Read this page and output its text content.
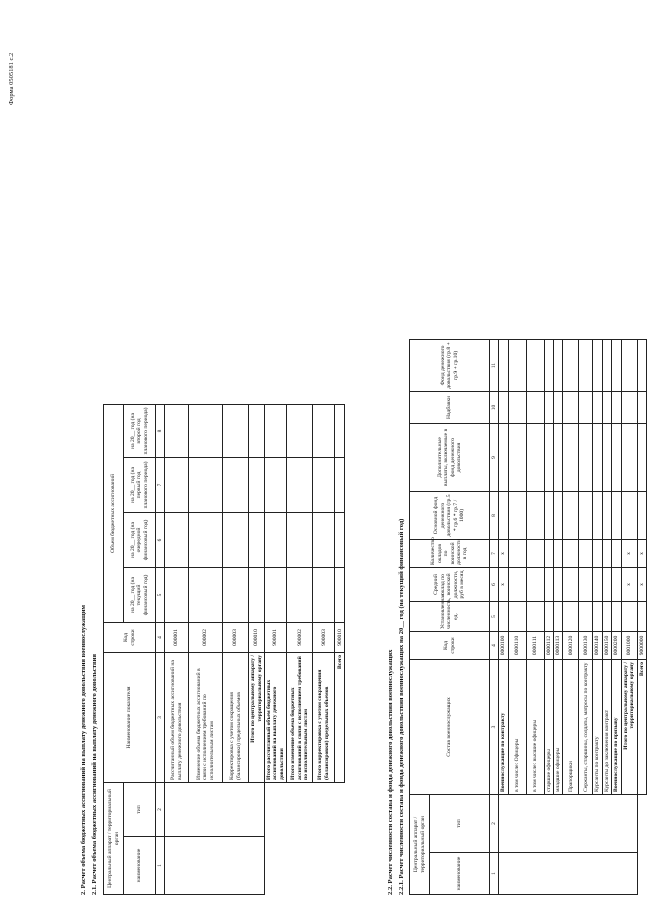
Форма 0505181 с.2
2. Расчет объема бюджетных ассигнований на выплату денежного довольствия военнослужащим 2.1. Расчет объема бюджетных ассигнований на выплату денежного довольствия Центральный аппарат / территориальный орган		Наименование показателя	Код строки	Объем бюджетных ассигнований			
наименование	тип			на 20__ год (на текущий финансовый год)	на 20__ год (на очередной финансовый год)	на 20__ год (на первый год планового периода)	на 20__ год (на второй год планового периода)

1	2	3	4	5	6	7	8
		Рассчитанный объем бюджетных ассигнований на выплату денежного довольствия	000001				
		Изменение объема бюджетных ассигнований в связи с исполнением требований по исполнительным листам	000002				
		Корректировка с учетом сокращения (балансировки) предельных объемов	000003				
		Итого по центральному аппарату / территориальному органу	000010				
		Итого рассчитанный объем бюджетных ассигнований на выплату денежного довольствия	900001				
		Итого изменение объема бюджетных ассигнований в связи с исполнением требований по исполнительным листам	900002				
		Итого корректировка с учетом сокращения (балансировки) предельных объемов	900003				
		Всего	900010				
2.2. Расчет численности состава и фонда денежного довольствия военнослужащих 2.2.1. Расчет численности состава и фонда денежного довольствия военнослужащих на 20__ год (на текущий финансовый год) Центральный аппарат / территориальный орган		Состав военнослужащих	Код строки	Установленная численность, ед.	Средний оклад по воинской должности, руб в месяц	Количество окладов по воинской должности в год	Основной фонд денежного довольствия (гр.5 * гр.6 * гр.7 / 1000)	Дополнительные выплаты, включаемые в фонд денежного довольствия	Надбавки	Фонд денежного довольствия (гр.8 + гр.9 + гр.10)
наименование	тип									
1	2	3	4	5	6	7	8	9	10	11
		Военнослужащие по контракту	0000100		x	x				
		в том числе: Офицеры	0000110							
		в том числе: высшие офицеры	0000111							
		старшие офицеры	0000112							
		младшие офицеры	0000113							
		Прапорщики	0000120							
		Сержанты, старшины, солдаты, матросы по контракту	0000130							
		Курсанты по контракту	0000140							
		Курсанты до заключения контракт	0000150							
		Военнослужащие по призыву	0000200							
		Итого по центральному аппарату / территориальному органу	0001000		x	x				
		Всего	9000000		x	x				
